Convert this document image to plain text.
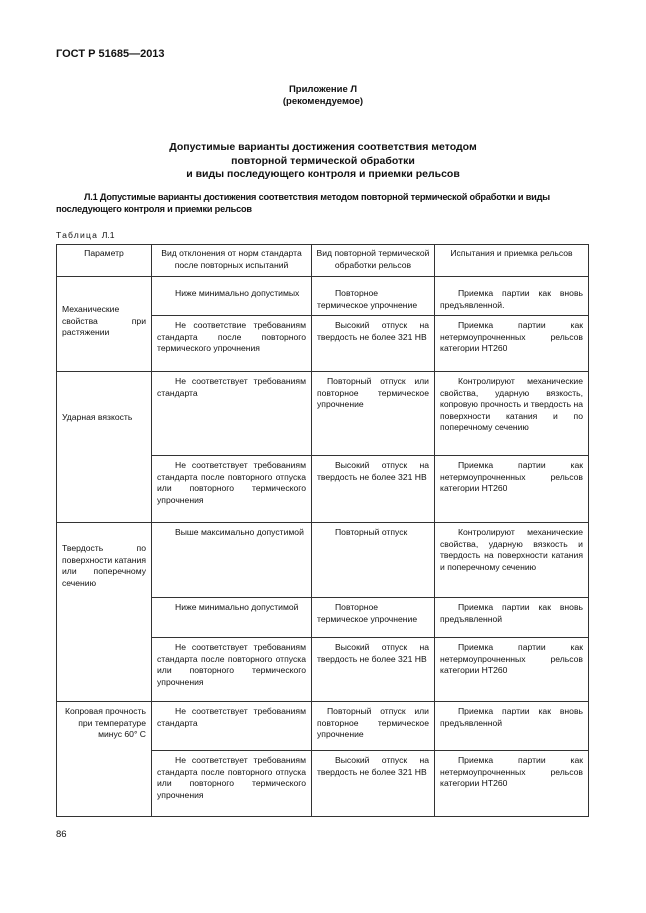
ГОСТ Р 51685—2013
Приложение Л
(рекомендуемое)
Допустимые варианты достижения соответствия методом
повторной термической обработки
и виды последующего контроля и приемки рельсов
Л.1 Допустимые варианты достижения соответствия методом повторной термической обработки и виды последующего контроля и приемки рельсов
Таблица Л.1
Параметр	Вид отклонения от норм стандарта после повторных испытаний	Вид повторной термической обработки рельсов	Испытания и приемка рельсов

Механические свойства при растяжении	Ниже минимально допустимых	Повторное термическое упрочнение	Приемка партии как вновь предъявленной.
	Не соответствие требованиям стандарта после повторного термического упрочнения	Высокий отпуск на твердость не более 321 НВ	Приемка партии как нетермоупрочненных рельсов категории НТ260

Ударная вязкость	Не соответствует требованиям стандарта	Повторный отпуск или повторное термическое упрочнение	Контролируют механические свойства, ударную вязкость, копровую прочность и твердость на поверхности катания и по поперечному сечению
	Не соответствует требованиям стандарта после повторного отпуска или повторного термического упрочнения	Высокий отпуск на твердость не более 321 НВ	Приемка партии как нетермоупрочненных рельсов категории НТ260

Твердость по поверхности катания или поперечному сечению	Выше максимально допустимой	Повторный отпуск	Контролируют механические свойства, ударную вязкость и твердость на поверхности катания и поперечному сечению
	Ниже минимально допустимой	Повторное термическое упрочнение	Приемка партии как вновь предъявленной
	Не соответствует требованиям стандарта после повторного отпуска или повторного термического упрочнения	Высокий отпуск на твердость не более 321 НВ	Приемка партии как нетермоупрочненных рельсов категории НТ260

Копровая прочность при температуре минус 60° С	Не соответствует требованиям стандарта	Повторный отпуск или повторное термическое упрочнение	Приемка партии как вновь предъявленной
	Не соответствует требованиям стандарта после повторного отпуска или повторного термического упрочнения	Высокий отпуск на твердость не более 321 НВ	Приемка партии как нетермоупрочненных рельсов категории НТ260
86
